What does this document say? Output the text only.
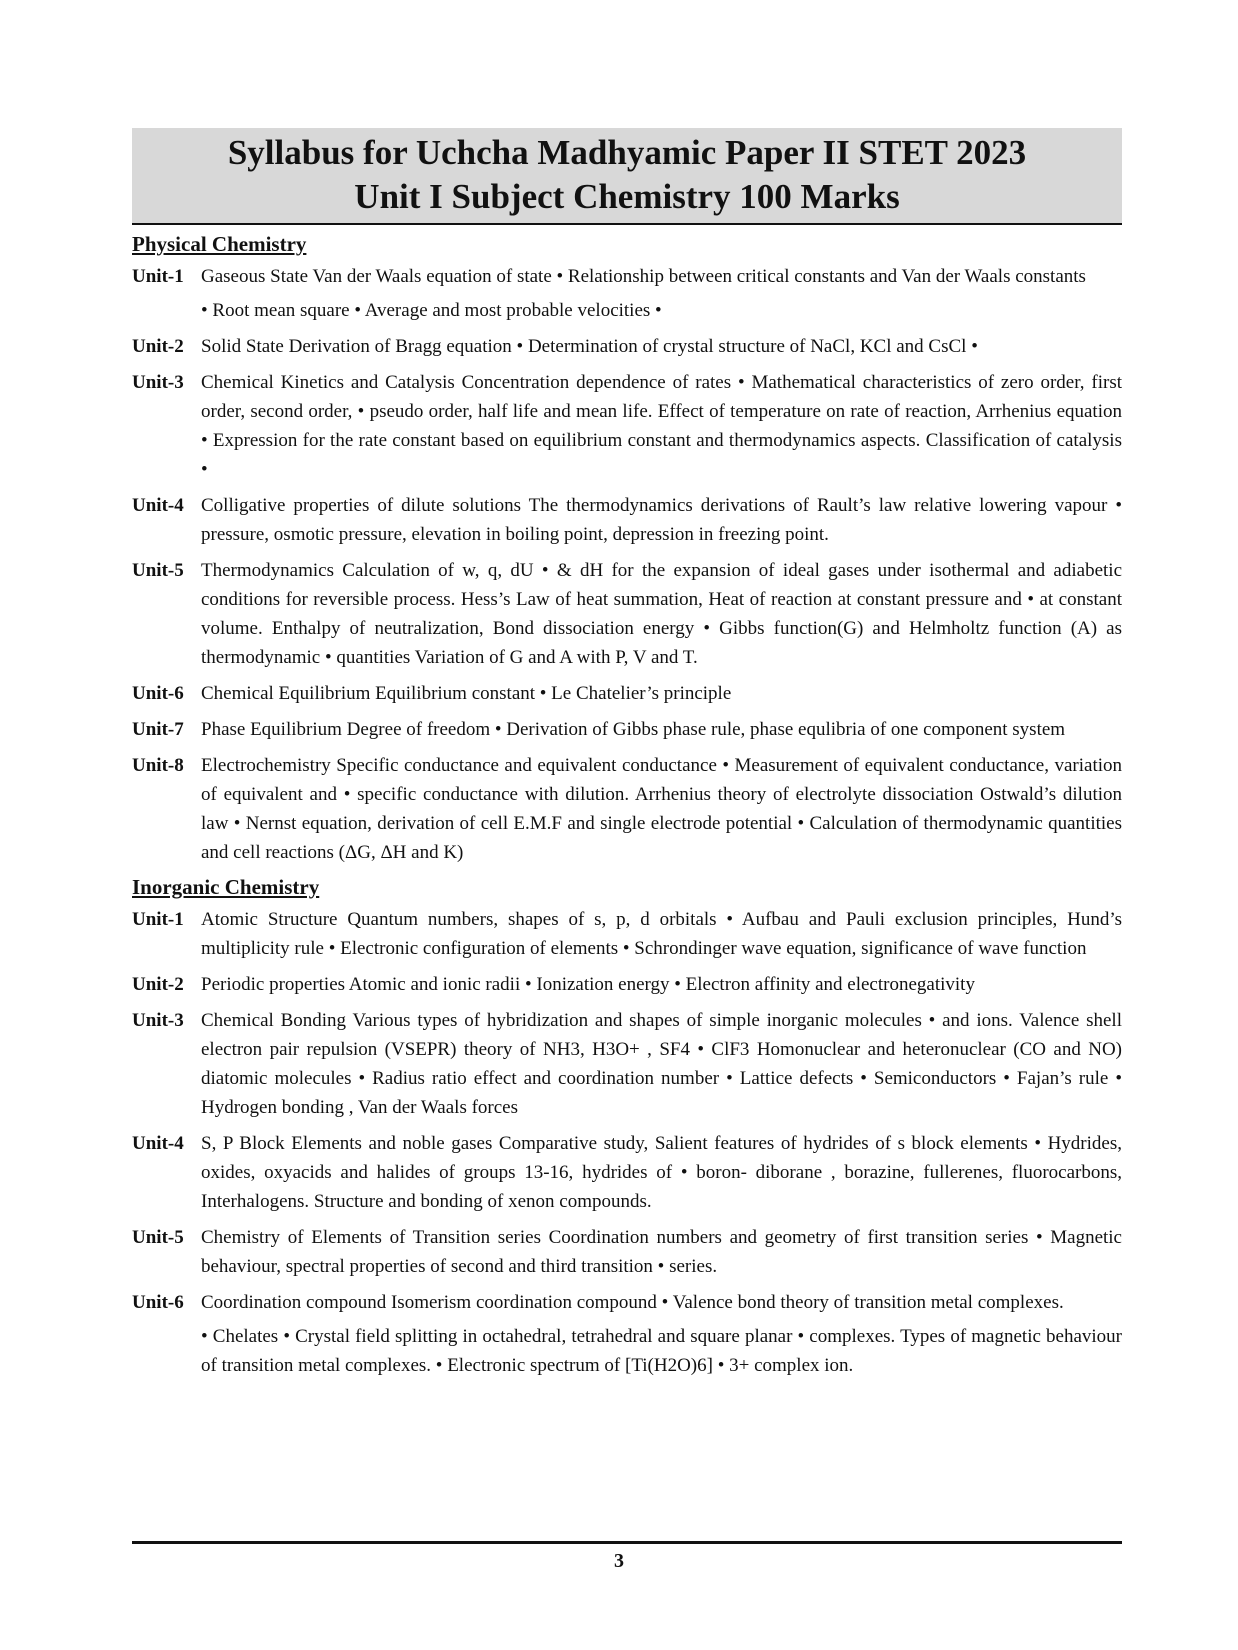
Syllabus for Uchcha Madhyamic Paper II STET 2023
Unit I Subject Chemistry 100 Marks
Physical Chemistry
Unit-1 Gaseous State Van der Waals equation of state • Relationship between critical constants and Van der Waals constants
• Root mean square • Average and most probable velocities •
Unit-2 Solid State Derivation of Bragg equation • Determination of crystal structure of NaCl, KCl and CsCl •
Unit-3 Chemical Kinetics and Catalysis Concentration dependence of rates • Mathematical characteristics of zero order, first order, second order, • pseudo order, half life and mean life. Effect of temperature on rate of reaction, Arrhenius equation • Expression for the rate constant based on equilibrium constant and thermodynamics aspects. Classification of catalysis •
Unit-4 Colligative properties of dilute solutions The thermodynamics derivations of Rault’s law relative lowering vapour • pressure, osmotic pressure, elevation in boiling point, depression in freezing point.
Unit-5 Thermodynamics Calculation of w, q, dU • & dH for the expansion of ideal gases under isothermal and adiabetic conditions for reversible process. Hess’s Law of heat summation, Heat of reaction at constant pressure and • at constant volume. Enthalpy of neutralization, Bond dissociation energy • Gibbs function(G) and Helmholtz function (A) as thermodynamic • quantities Variation of G and A with P, V and T.
Unit-6 Chemical Equilibrium Equilibrium constant • Le Chatelier’s principle
Unit-7 Phase Equilibrium Degree of freedom • Derivation of Gibbs phase rule, phase equlibria of one component system
Unit-8 Electrochemistry Specific conductance and equivalent conductance • Measurement of equivalent conductance, variation of equivalent and • specific conductance with dilution. Arrhenius theory of electrolyte dissociation Ostwald’s dilution law • Nernst equation, derivation of cell E.M.F and single electrode potential • Calculation of thermodynamic quantities and cell reactions (ΔG, ΔH and K)
Inorganic Chemistry
Unit-1 Atomic Structure Quantum numbers, shapes of s, p, d orbitals • Aufbau and Pauli exclusion principles, Hund’s multiplicity rule • Electronic configuration of elements • Schrondinger wave equation, significance of wave function
Unit-2 Periodic properties Atomic and ionic radii • Ionization energy • Electron affinity and electronegativity
Unit-3 Chemical Bonding Various types of hybridization and shapes of simple inorganic molecules • and ions. Valence shell electron pair repulsion (VSEPR) theory of NH3, H3O+ , SF4 • ClF3 Homonuclear and heteronuclear (CO and NO) diatomic molecules • Radius ratio effect and coordination number • Lattice defects • Semiconductors • Fajan’s rule • Hydrogen bonding , Van der Waals forces
Unit-4 S, P Block Elements and noble gases Comparative study, Salient features of hydrides of s block elements • Hydrides, oxides, oxyacids and halides of groups 13-16, hydrides of • boron- diborane , borazine, fullerenes, fluorocarbons, Interhalogens. Structure and bonding of xenon compounds.
Unit-5 Chemistry of Elements of Transition series Coordination numbers and geometry of first transition series • Magnetic behaviour, spectral properties of second and third transition • series.
Unit-6 Coordination compound Isomerism coordination compound • Valence bond theory of transition metal complexes.
• Chelates • Crystal field splitting in octahedral, tetrahedral and square planar • complexes. Types of magnetic behaviour of transition metal complexes. • Electronic spectrum of [Ti(H2O)6] • 3+ complex ion.
3
